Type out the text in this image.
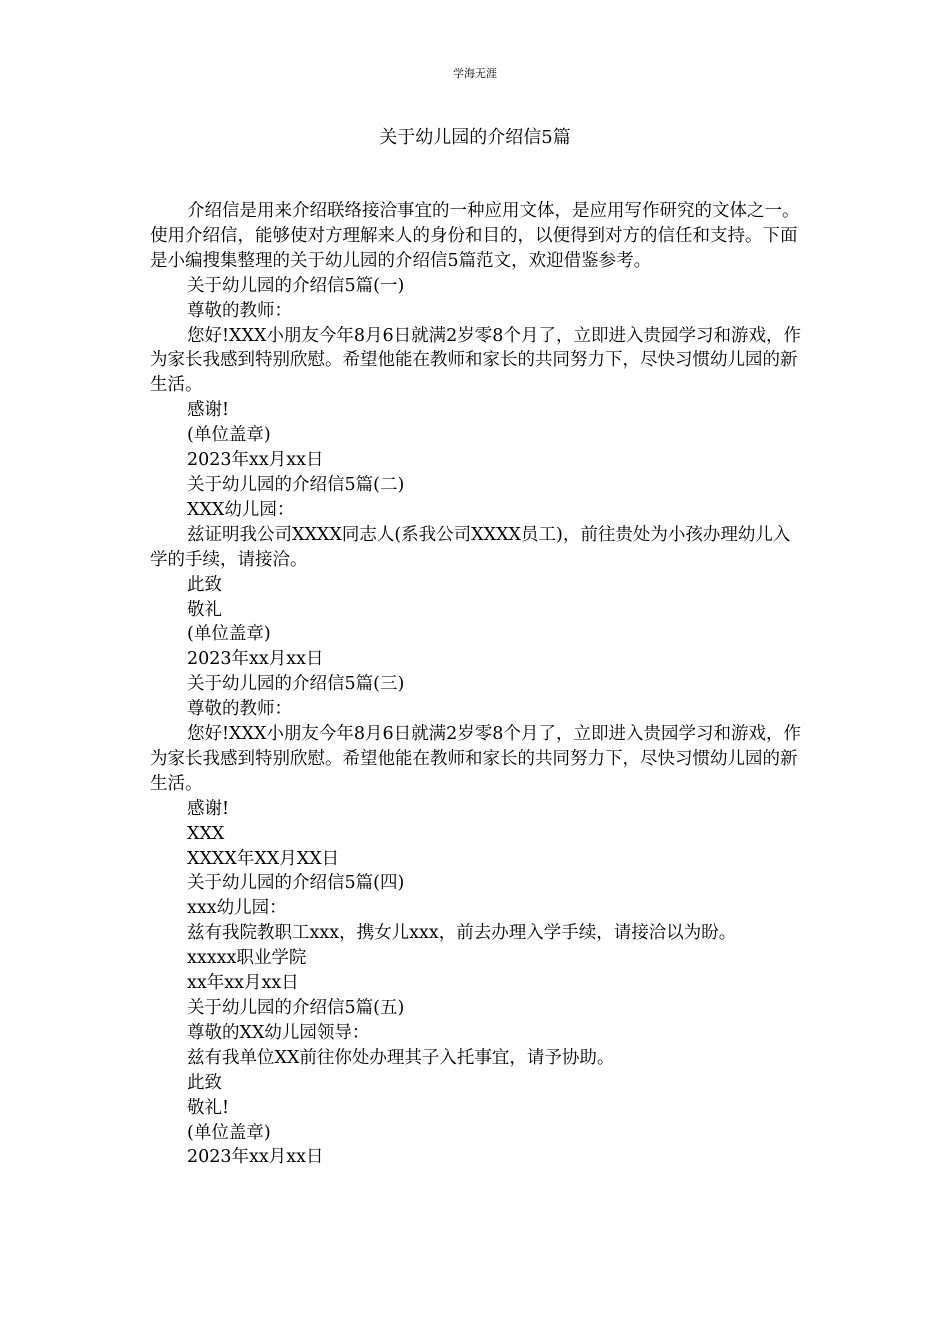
学海无涯
关于幼儿园的介绍信5篇

介绍信是用来介绍联络接洽事宜的一种应用文体，是应用写作研究的文体之一。使用介绍信，能够使对方理解来人的身份和目的，以便得到对方的信任和支持。下面是小编搜集整理的关于幼儿园的介绍信5篇范文，欢迎借鉴参考。

关于幼儿园的介绍信5篇(一)

尊敬的教师：

您好!XXX小朋友今年8月6日就满2岁零8个月了，立即进入贵园学习和游戏，作为家长我感到特别欣慰。希望他能在教师和家长的共同努力下，尽快习惯幼儿园的新生活。

感谢!

(单位盖章)

2023年xx月xx日

关于幼儿园的介绍信5篇(二)

XXX幼儿园：

兹证明我公司XXXX同志人(系我公司XXXX员工)，前往贵处为小孩办理幼儿入学的手续，请接洽。

此致

敬礼

(单位盖章)

2023年xx月xx日

关于幼儿园的介绍信5篇(三)

尊敬的教师：

您好!XXX小朋友今年8月6日就满2岁零8个月了，立即进入贵园学习和游戏，作为家长我感到特别欣慰。希望他能在教师和家长的共同努力下，尽快习惯幼儿园的新生活。

感谢!

XXX

XXXX年XX月XX日

关于幼儿园的介绍信5篇(四)

xxx幼儿园：

兹有我院教职工xxx，携女儿xxx，前去办理入学手续，请接洽以为盼。

xxxxx职业学院

xx年xx月xx日

关于幼儿园的介绍信5篇(五)

尊敬的XX幼儿园领导：

兹有我单位XX前往你处办理其子入托事宜，请予协助。

此致

敬礼!

(单位盖章)

2023年xx月xx日
